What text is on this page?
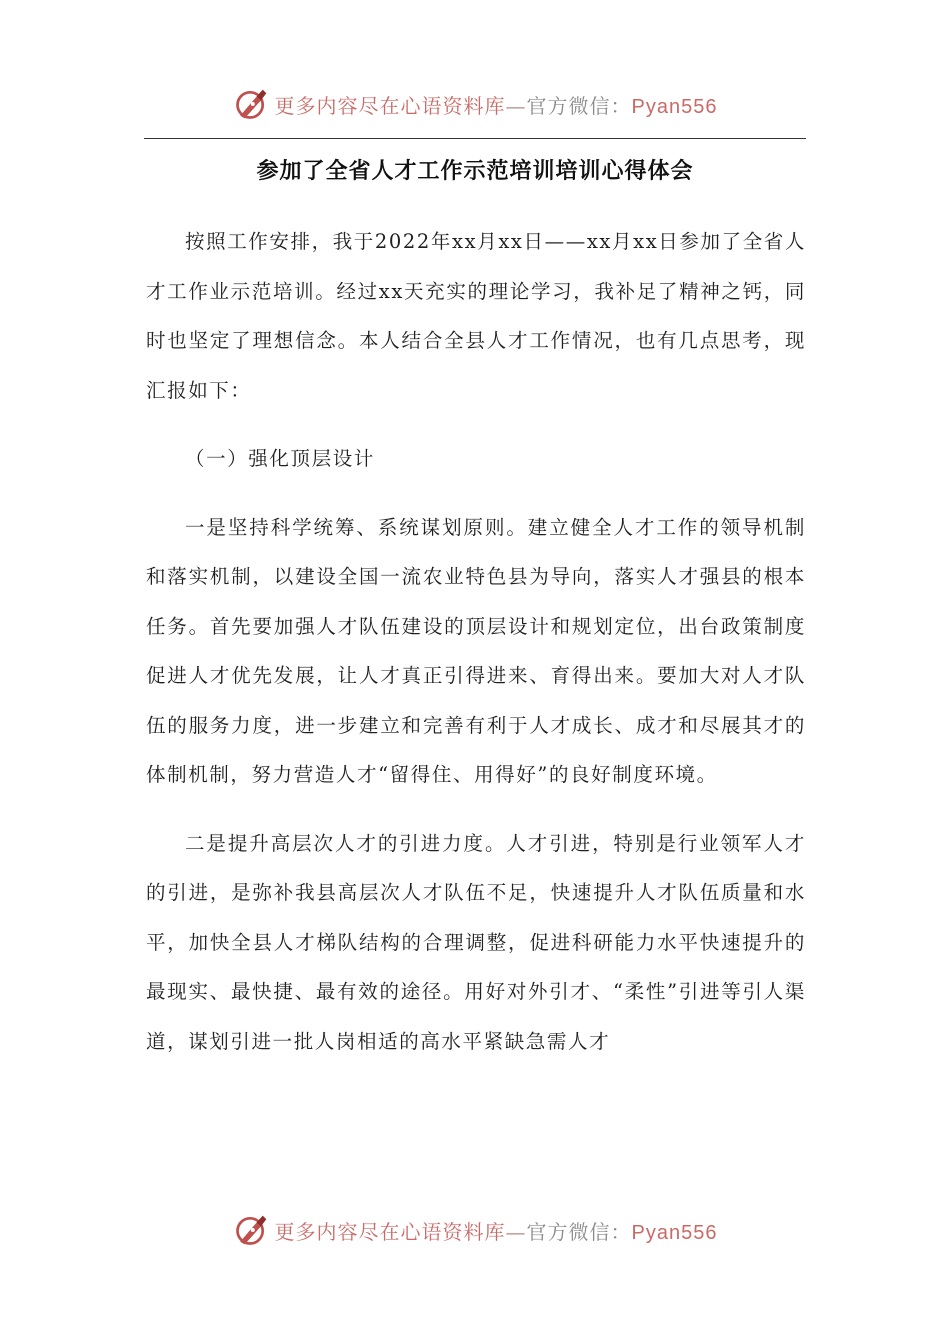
更多内容尽在心语资料库—官方微信：Pyan556
参加了全省人才工作示范培训培训心得体会

按照工作安排，我于2022年xx月xx日——xx月xx日参加了全省人才工作业示范培训。经过xx天充实的理论学习，我补足了精神之钙，同时也坚定了理想信念。本人结合全县人才工作情况，也有几点思考，现汇报如下：

（一）强化顶层设计

一是坚持科学统筹、系统谋划原则。建立健全人才工作的领导机制和落实机制，以建设全国一流农业特色县为导向，落实人才强县的根本任务。首先要加强人才队伍建设的顶层设计和规划定位，出台政策制度促进人才优先发展，让人才真正引得进来、育得出来。要加大对人才队伍的服务力度，进一步建立和完善有利于人才成长、成才和尽展其才的体制机制，努力营造人才“留得住、用得好”的良好制度环境。

二是提升高层次人才的引进力度。人才引进，特别是行业领军人才的引进，是弥补我县高层次人才队伍不足，快速提升人才队伍质量和水平，加快全县人才梯队结构的合理调整，促进科研能力水平快速提升的最现实、最快捷、最有效的途径。用好对外引才、“柔性”引进等引人渠道，谋划引进一批人岗相适的高水平紧缺急需人才

更多内容尽在心语资料库—官方微信：Pyan556
